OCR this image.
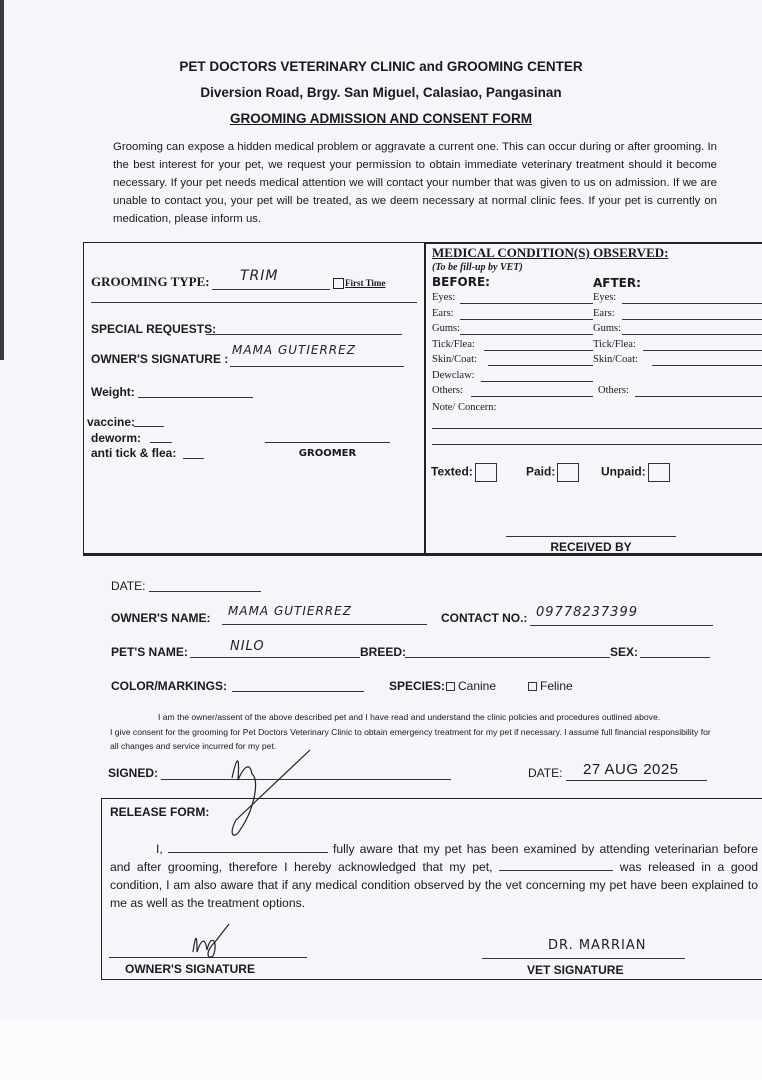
PET DOCTORS VETERINARY CLINIC and GROOMING CENTER
Diversion Road, Brgy. San Miguel, Calasiao, Pangasinan
GROOMING ADMISSION AND CONSENT FORM
Grooming can expose a hidden medical problem or aggravate a current one. This can occur during or after grooming. In the best interest for your pet, we request your permission to obtain immediate veterinary treatment should it become necessary. If your pet needs medical attention we will contact your number that was given to us on admission. If we are unable to contact you, your pet will be treated, as we deem necessary at normal clinic fees. If your pet is currently on medication, please inform us.
GROOMING TYPE: TRIM	First Time
SPECIAL REQUESTS:
OWNER'S SIGNATURE :
MAMA GUTIERREZ
Weight:
vaccine:
deworm:
anti tick & flea:	GROOMER
MEDICAL CONDITION(S) OBSERVED:
(To be fill-up by VET)
BEFORE:	AFTER:
Eyes:	Eyes:
Ears:	Ears:
Gums:	Gums:
Tick/Flea:	Tick/Flea:
Skin/Coat:	Skin/Coat:
Dewclaw:
Others:	Others:
Note/ Concern:
Texted:	Paid:	Unpaid:
RECEIVED BY
DATE:
OWNER'S NAME: MAMA GUTIERREZ	CONTACT NO.: 09778237399
PET'S NAME:	NILO	BREED:	SEX:
COLOR/MARKINGS:	SPECIES:	Canine	Feline
I am the owner/assent of the above described pet and I have read and understand the clinic policies and procedures outlined above.
I give consent for the grooming for Pet Doctors Veterinary Clinic to obtain emergency treatment for my pet if necessary. I assume full financial responsibility for all changes and service incurred for my pet.
SIGNED:	DATE: 27 AUG 2025
RELEASE FORM:
I,	fully aware that my pet has been examined by attending veterinarian before and after grooming, therefore I hereby acknowledged that my pet,	was released in a good condition, I am also aware that if any medical condition observed by the vet concerning my pet have been explained to me as well as the treatment options.
OWNER'S SIGNATURE
DR. MARRIAN
VET SIGNATURE
